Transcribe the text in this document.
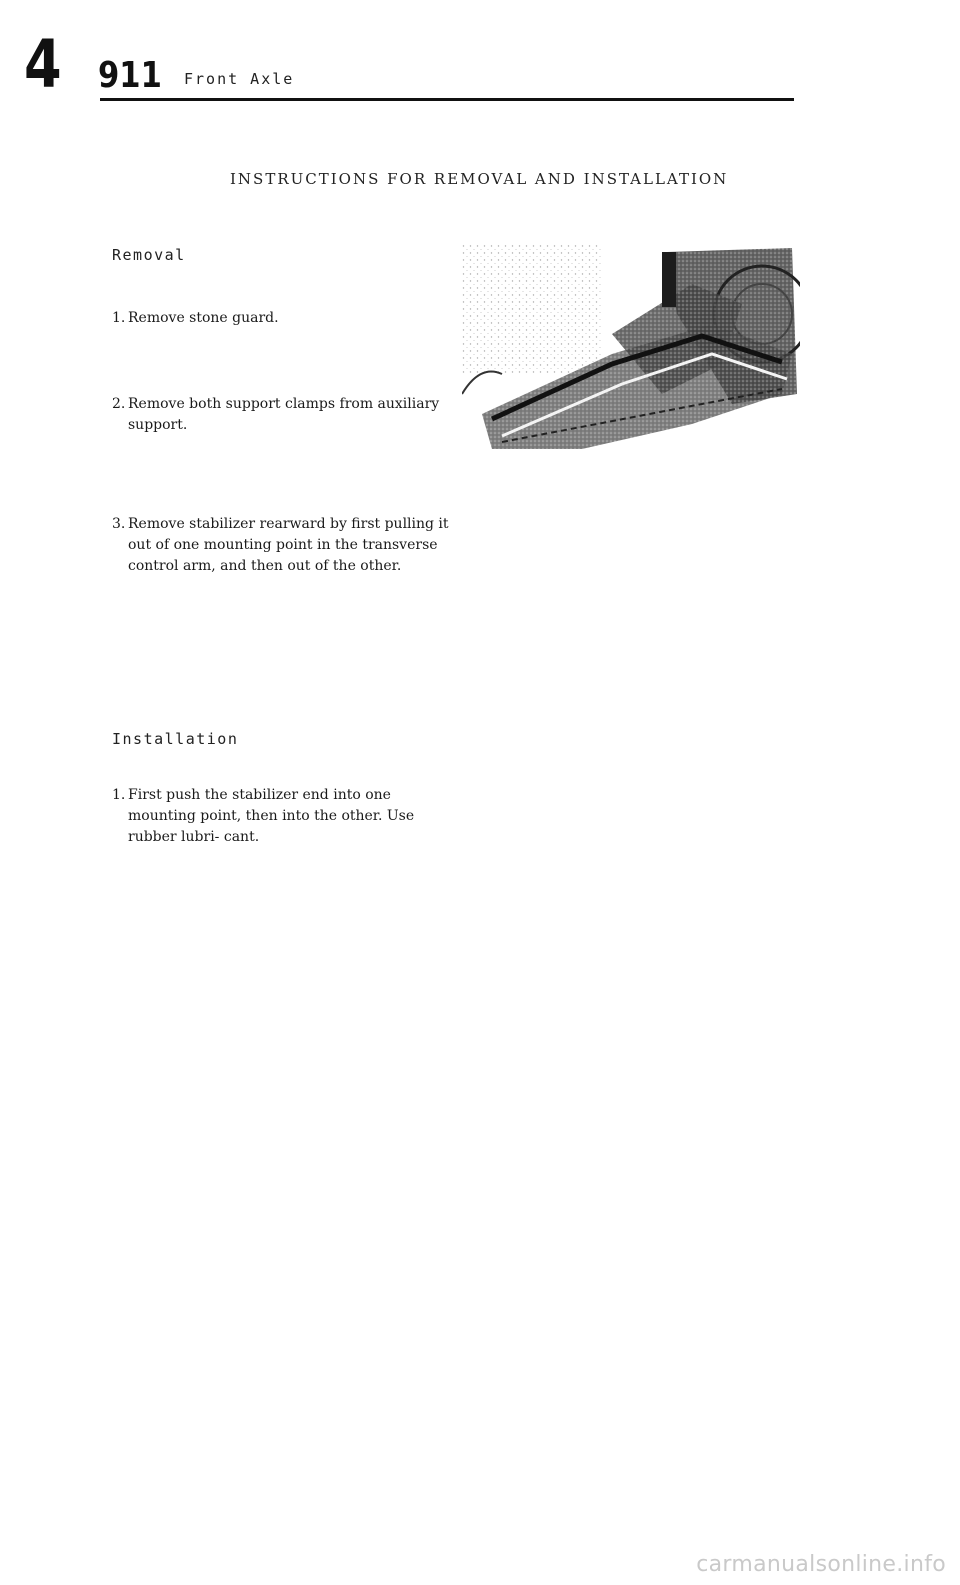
4 911 Front Axle
INSTRUCTIONS FOR REMOVAL AND INSTALLATION
Removal
1. Remove stone guard.
2. Remove both support clamps from auxiliary support.
3. Remove stabilizer rearward by first pulling it out of one mounting point in the transverse control arm, and then out of the other.
Installation
1. First push the stabilizer end into one mounting point, then into the other. Use rubber lubri- cant.
carmanualsonline.info
